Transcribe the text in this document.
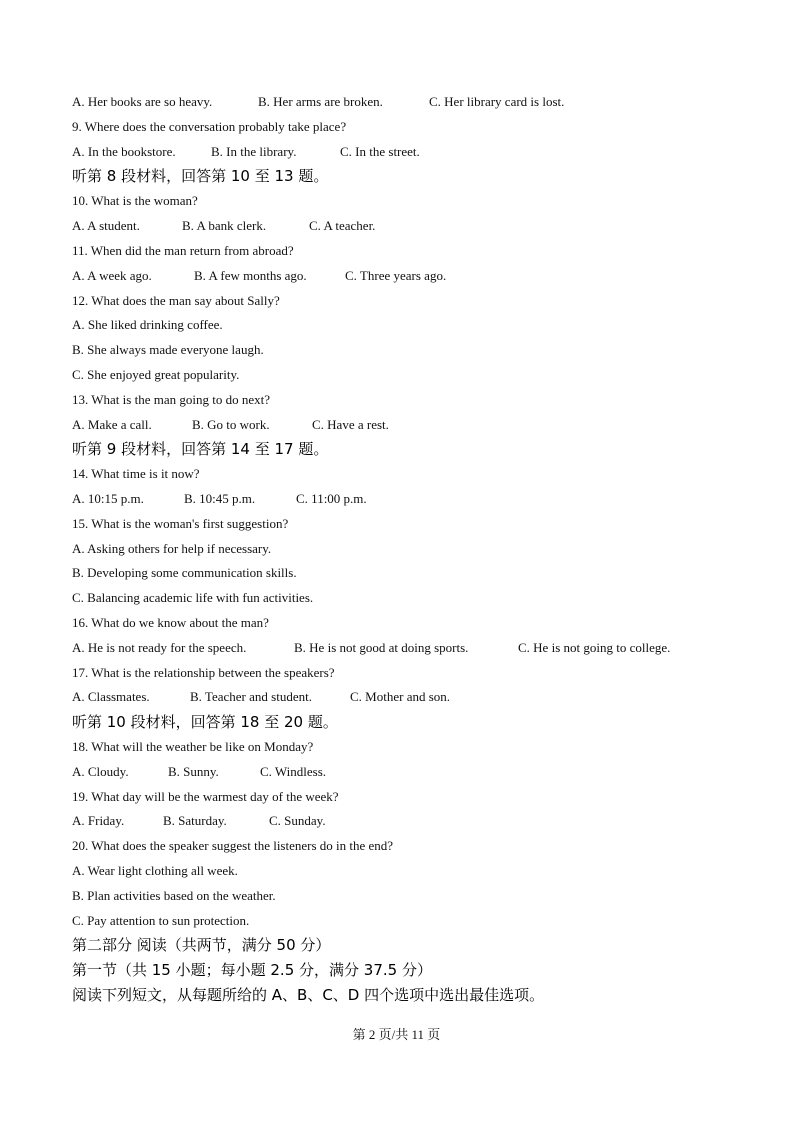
A. Her books are so heavy.	B. Her arms are broken.	C. Her library card is lost.
9. Where does the conversation probably take place?
A. In the bookstore.	B. In the library.	C. In the street.
听第 8 段材料，回答第 10 至 13 题。
10. What is the woman?
A. A student.	B. A bank clerk.	C. A teacher.
11. When did the man return from abroad?
A. A week ago.	B. A few months ago.	C. Three years ago.
12. What does the man say about Sally?
A. She liked drinking coffee.
B. She always made everyone laugh.
C. She enjoyed great popularity.
13. What is the man going to do next?
A. Make a call.	B. Go to work.	C. Have a rest.
听第 9 段材料，回答第 14 至 17 题。
14. What time is it now?
A. 10:15 p.m.	B. 10:45 p.m.	C. 11:00 p.m.
15. What is the woman's first suggestion?
A. Asking others for help if necessary.
B. Developing some communication skills.
C. Balancing academic life with fun activities.
16. What do we know about the man?
A. He is not ready for the speech.	B. He is not good at doing sports.	C. He is not going to college.
17. What is the relationship between the speakers?
A. Classmates.	B. Teacher and student.	C. Mother and son.
听第 10 段材料，回答第 18 至 20 题。
18. What will the weather be like on Monday?
A. Cloudy.	B. Sunny.	C. Windless.
19. What day will be the warmest day of the week?
A. Friday.	B. Saturday.	C. Sunday.
20. What does the speaker suggest the listeners do in the end?
A. Wear light clothing all week.
B. Plan activities based on the weather.
C. Pay attention to sun protection.
第二部分 阅读（共两节，满分 50 分）
第一节（共 15 小题；每小题 2.5 分，满分 37.5 分）
阅读下列短文，从每题所给的 A、B、C、D 四个选项中选出最佳选项。
第 2 页/共 11 页
